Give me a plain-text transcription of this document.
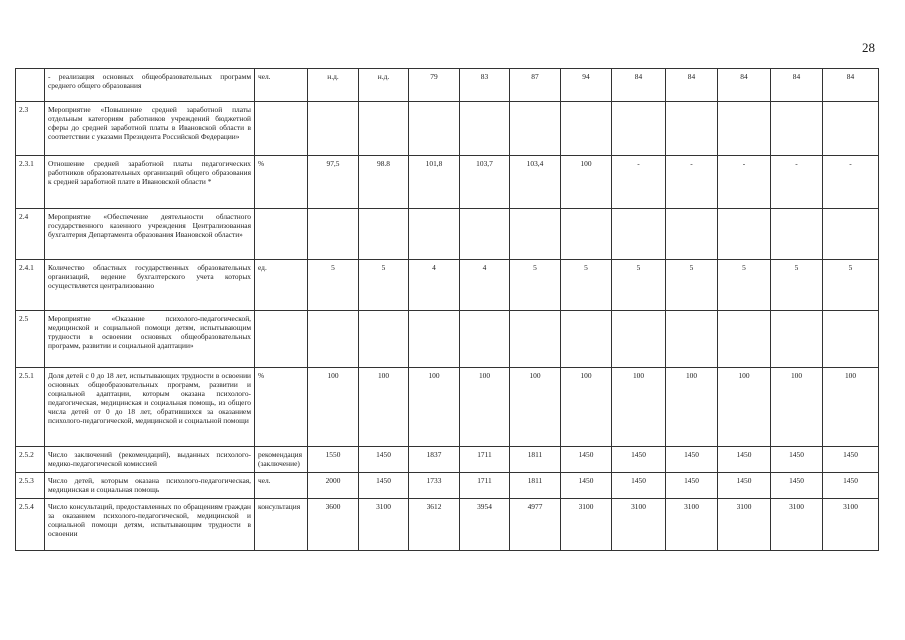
28
	- реализация основных общеобразовательных программ среднего общего образования	чел.	н.д.	н.д.	79	83	87	94	84	84	84	84	84
2.3	Мероприятие «Повышение средней заработной платы отдельным категориям работников учреждений бюджетной сферы до средней заработной платы в Ивановской области в соответствии с указами Президента Российской Федерации»												
2.3.1	Отношение средней заработной платы педагогических работников образовательных организаций общего образования к средней заработной плате в Ивановской области *	%	97,5	98.8	101,8	103,7	103,4	100	-	-	-	-	-
2.4	Мероприятие «Обеспечение деятельности областного государственного казенного учреждения Централизованная бухгалтерия Департамента образования Ивановской области»												
2.4.1	Количество областных государственных образовательных организаций, ведение бухгалтерского учета которых осуществляется централизованно	ед.	5	5	4	4	5	5	5	5	5	5	5
2.5	Мероприятие «Оказание психолого-педагогической, медицинской и социальной помощи детям, испытывающим трудности в освоении основных общеобразовательных программ, развитии и социальной адаптации»												
2.5.1	Доля детей с 0 до 18 лет, испытывающих трудности в освоении основных общеобразовательных программ, развитии и социальной адаптации, которым оказана психолого-педагогическая, медицинская и социальная помощь, из общего числа детей от 0 до 18 лет, обратившихся за оказанием психолого-педагогической, медицинской и социальной помощи	%	100	100	100	100	100	100	100	100	100	100	100
2.5.2	Число заключений (рекомендаций), выданных психолого-медико-педагогической комиссией	рекомендация (заключение)	1550	1450	1837	1711	1811	1450	1450	1450	1450	1450	1450
2.5.3	Число детей, которым оказана психолого-педагогическая, медицинская и социальная помощь	чел.	2000	1450	1733	1711	1811	1450	1450	1450	1450	1450	1450
2.5.4	Число консультаций, предоставленных по обращениям граждан за оказанием психолого-педагогической, медицинской и социальной помощи детям, испытывающим трудности в освоении	консультация	3600	3100	3612	3954	4977	3100	3100	3100	3100	3100	3100
